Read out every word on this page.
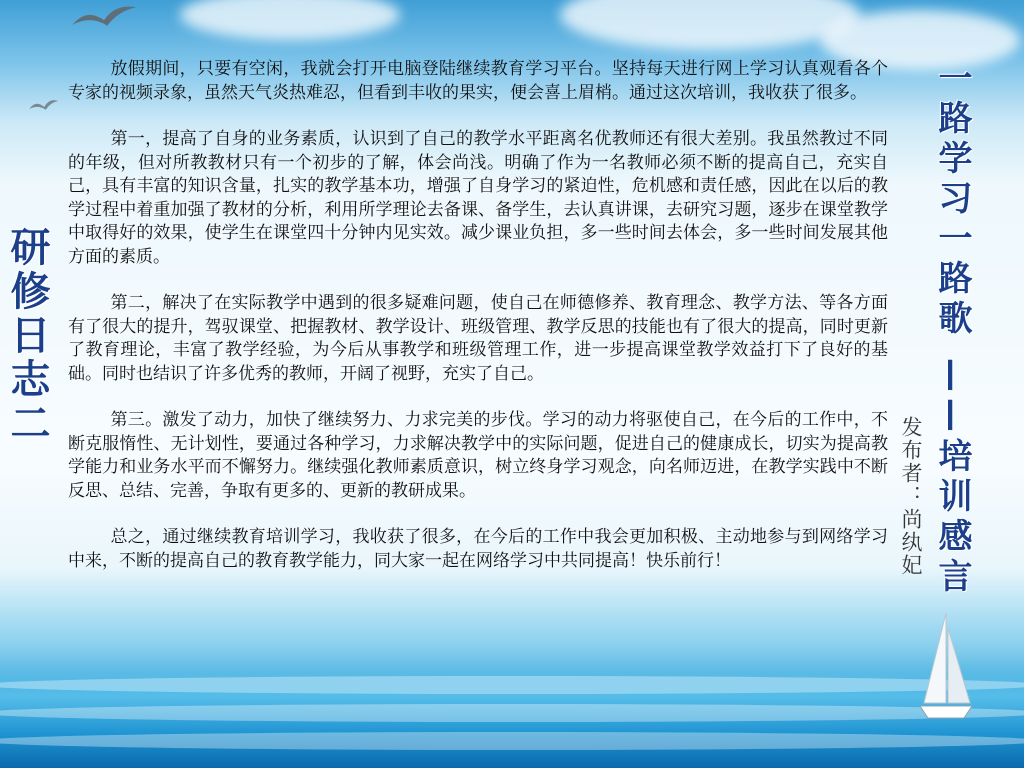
研修日志二	一路学习一路歌 ——培训感言
发布者：尚纨妃

放假期间，只要有空闲，我就会打开电脑登陆继续教育学习平台。坚持每天进行网上学习认真观看各个专家的视频录象，虽然天气炎热难忍，但看到丰收的果实，便会喜上眉梢。通过这次培训，我收获了很多。

第一，提高了自身的业务素质，认识到了自己的教学水平距离名优教师还有很大差别。我虽然教过不同的年级，但对所教教材只有一个初步的了解，体会尚浅。明确了作为一名教师必须不断的提高自己，充实自己，具有丰富的知识含量，扎实的教学基本功，增强了自身学习的紧迫性，危机感和责任感，因此在以后的教学过程中着重加强了教材的分析，利用所学理论去备课、备学生，去认真讲课，去研究习题，逐步在课堂教学中取得好的效果，使学生在课堂四十分钟内见实效。减少课业负担，多一些时间去体会，多一些时间发展其他方面的素质。

第二，解决了在实际教学中遇到的很多疑难问题，使自己在师德修养、教育理念、教学方法、等各方面有了很大的提升，驾驭课堂、把握教材、教学设计、班级管理、教学反思的技能也有了很大的提高，同时更新了教育理论，丰富了教学经验，为今后从事教学和班级管理工作，进一步提高课堂教学效益打下了良好的基础。同时也结识了许多优秀的教师，开阔了视野，充实了自己。

第三。激发了动力，加快了继续努力、力求完美的步伐。学习的动力将驱使自己，在今后的工作中，不断克服惰性、无计划性，要通过各种学习，力求解决教学中的实际问题，促进自己的健康成长，切实为提高教学能力和业务水平而不懈努力。继续强化教师素质意识，树立终身学习观念，向名师迈进，在教学实践中不断反思、总结、完善，争取有更多的、更新的教研成果。

总之，通过继续教育培训学习，我收获了很多，在今后的工作中我会更加积极、主动地参与到网络学习中来，不断的提高自己的教育教学能力，同大家一起在网络学习中共同提高！快乐前行！
